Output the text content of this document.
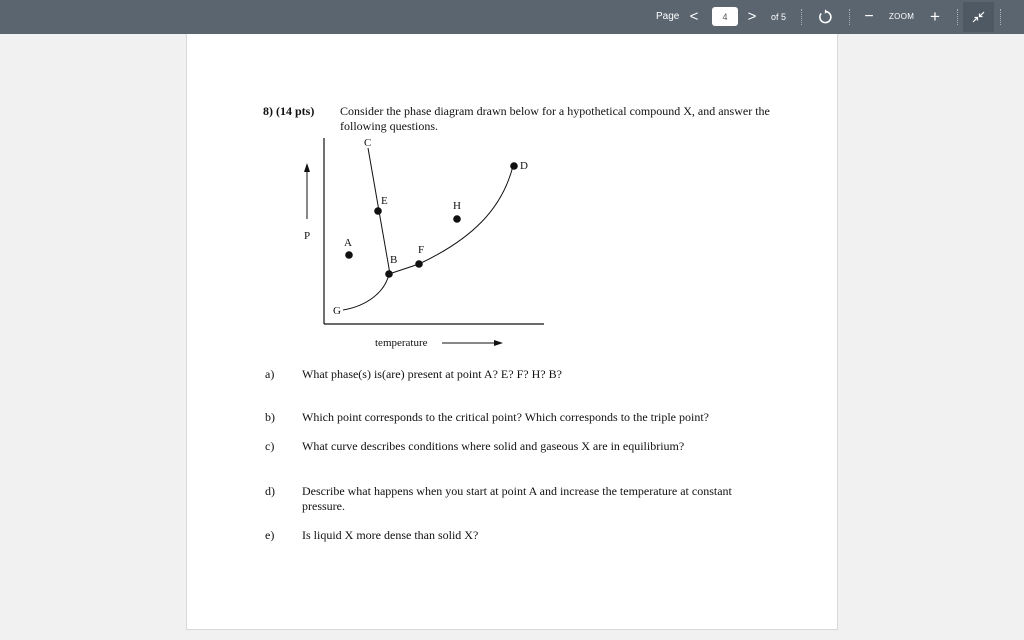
Page <
4	> of 5	−	ZOOM +
8) (14 pts) Consider the phase diagram drawn below for a hypothetical compound X, and answer the following questions.
P
temperature
A
B
C
D
E
F
G
H
a) What phase(s) is(are) present at point A? E? F? H? B?
b) Which point corresponds to the critical point? Which corresponds to the triple point?
c) What curve describes conditions where solid and gaseous X are in equilibrium?
d) Describe what happens when you start at point A and increase the temperature at constant pressure.
e) Is liquid X more dense than solid X?
